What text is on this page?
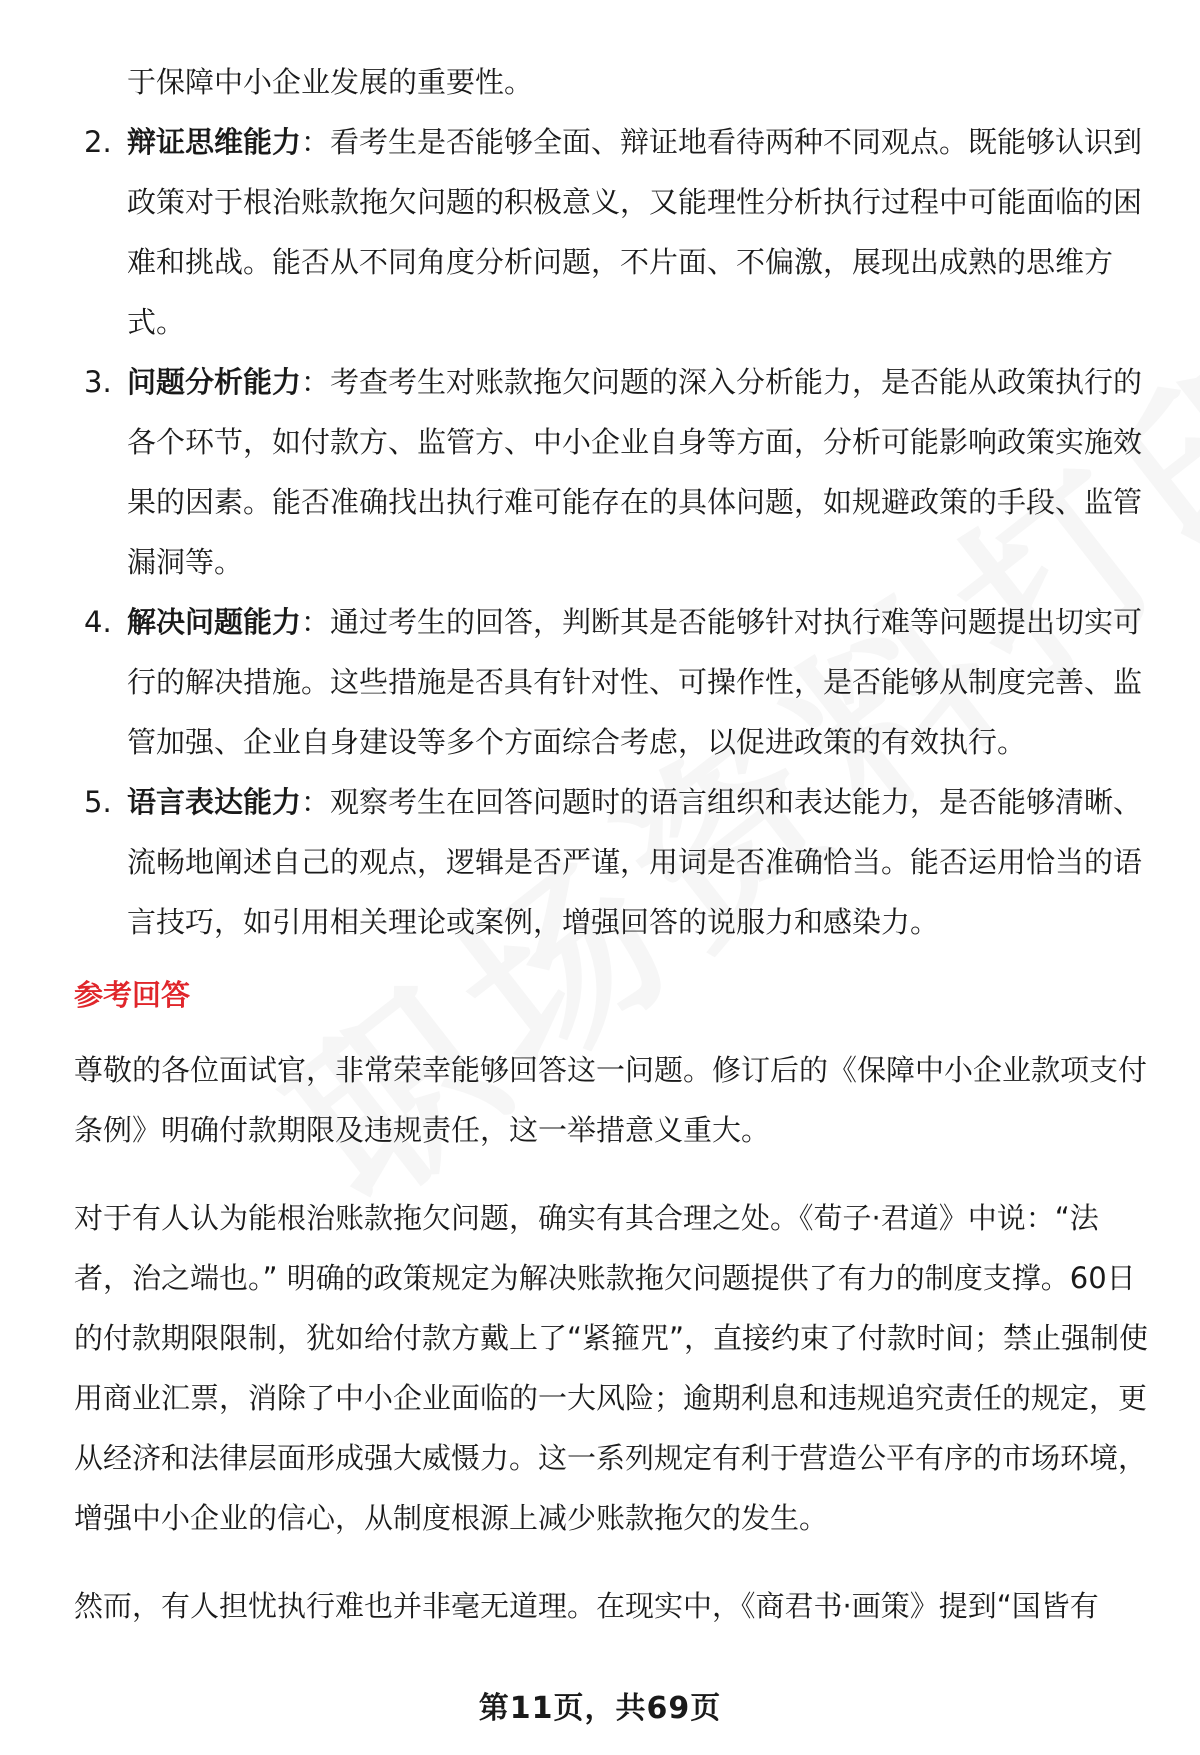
于保障中小企业发展的重要性。
2. 辩证思维能力：看考生是否能够全面、辩证地看待两种不同观点。既能够认识到政策对于根治账款拖欠问题的积极意义，又能理性分析执行过程中可能面临的困难和挑战。能否从不同角度分析问题，不片面、不偏激，展现出成熟的思维方式。
3. 问题分析能力：考查考生对账款拖欠问题的深入分析能力，是否能从政策执行的各个环节，如付款方、监管方、中小企业自身等方面，分析可能影响政策实施效果的因素。能否准确找出执行难可能存在的具体问题，如规避政策的手段、监管漏洞等。
4. 解决问题能力：通过考生的回答，判断其是否能够针对执行难等问题提出切实可行的解决措施。这些措施是否具有针对性、可操作性，是否能够从制度完善、监管加强、企业自身建设等多个方面综合考虑，以促进政策的有效执行。
5. 语言表达能力：观察考生在回答问题时的语言组织和表达能力，是否能够清晰、流畅地阐述自己的观点，逻辑是否严谨，用词是否准确恰当。能否运用恰当的语言技巧，如引用相关理论或案例，增强回答的说服力和感染力。
参考回答
尊敬的各位面试官，非常荣幸能够回答这一问题。修订后的《保障中小企业款项支付条例》明确付款期限及违规责任，这一举措意义重大。
对于有人认为能根治账款拖欠问题，确实有其合理之处。《荀子·君道》中说：“法者，治之端也。” 明确的政策规定为解决账款拖欠问题提供了有力的制度支撑。60日的付款期限限制，犹如给付款方戴上了“紧箍咒”，直接约束了付款时间；禁止强制使用商业汇票，消除了中小企业面临的一大风险；逾期利息和违规追究责任的规定，更从经济和法律层面形成强大威慑力。这一系列规定有利于营造公平有序的市场环境，增强中小企业的信心，从制度根源上减少账款拖欠的发生。
然而，有人担忧执行难也并非毫无道理。在现实中，《商君书·画策》提到“国皆有
第11页，共69页
